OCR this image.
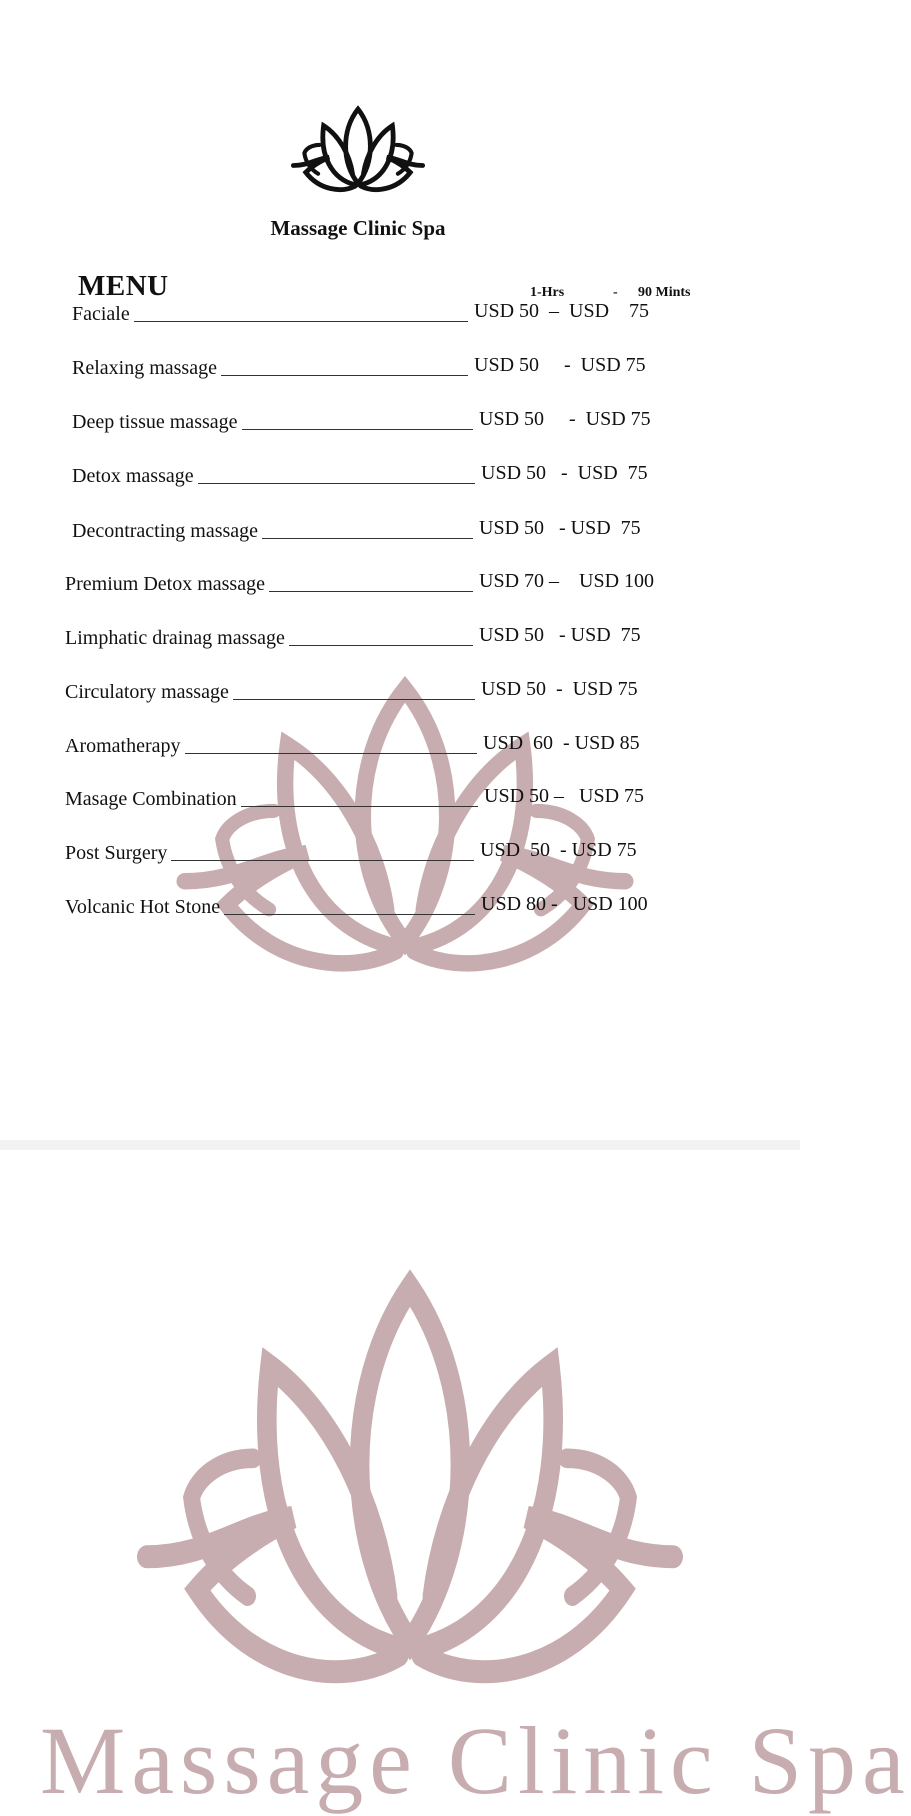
Massage Clinic Spa
MENU	1-Hrs	- 90 Mints
Faciale	USD 50  –  USD    75
Relaxing massage	USD 50     -  USD 75
Deep tissue massage	USD 50     -  USD 75
Detox massage	USD 50   -  USD  75
Decontracting massage	USD 50   - USD  75
Premium Detox massage	USD 70 –    USD 100
Limphatic drainag massage	USD 50   - USD  75
Circulatory massage	USD 50  -  USD 75
Aromatherapy	USD  60  - USD 85
Masage Combination	USD 50 –   USD 75
Post Surgery	USD  50  - USD 75
Volcanic Hot Stone	USD 80 -   USD 100
Massage Clinic Spa
